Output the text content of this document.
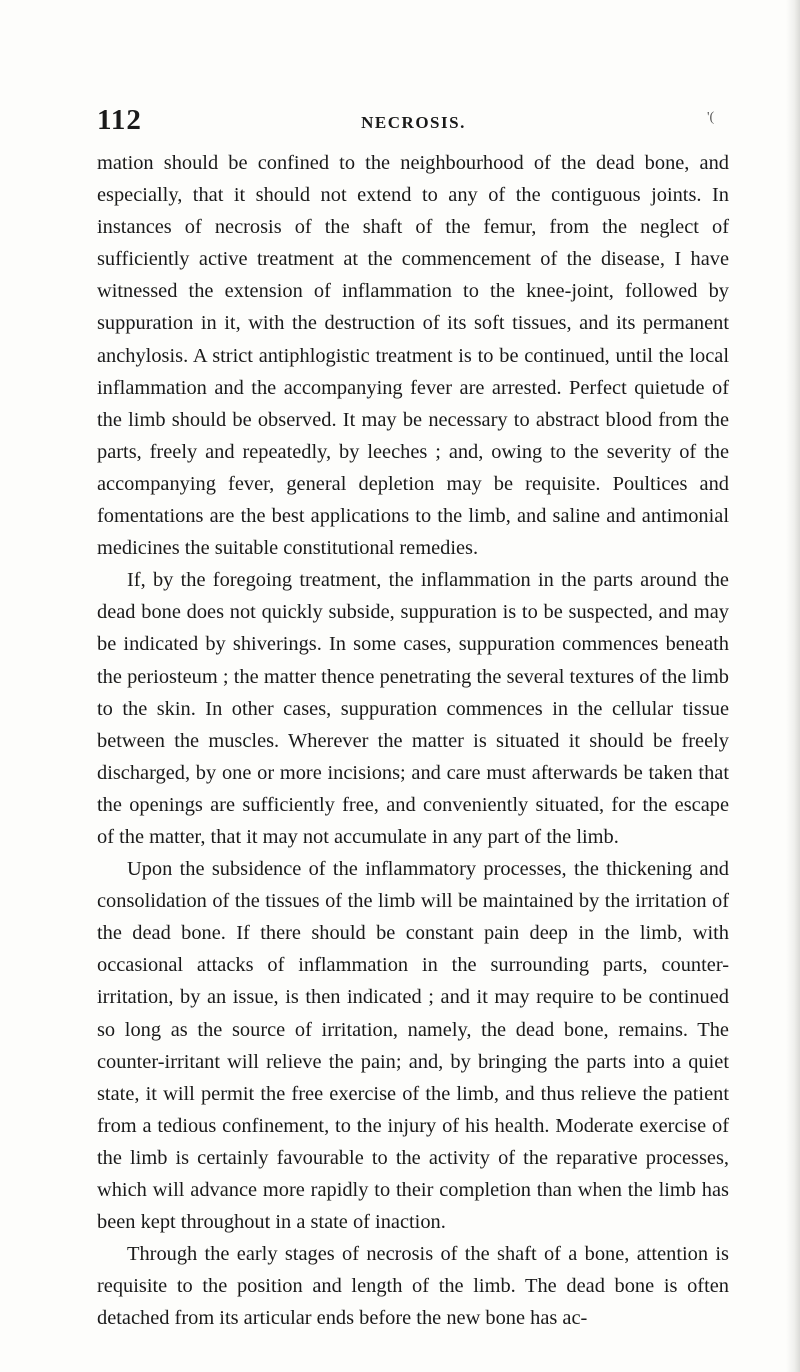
112	NECROSIS.	'(

mation should be confined to the neighbourhood of the dead bone, and especially, that it should not extend to any of the contiguous joints. In instances of necrosis of the shaft of the femur, from the neglect of sufficiently active treatment at the commencement of the disease, I have witnessed the extension of inflammation to the knee-joint, followed by suppuration in it, with the destruction of its soft tissues, and its permanent anchylosis. A strict antiphlogistic treatment is to be continued, until the local inflammation and the accompanying fever are arrested. Perfect quietude of the limb should be observed. It may be necessary to abstract blood from the parts, freely and repeatedly, by leeches ; and, owing to the severity of the accompanying fever, general depletion may be requisite. Poultices and fomentations are the best applications to the limb, and saline and antimonial medicines the suitable constitutional remedies.

If, by the foregoing treatment, the inflammation in the parts around the dead bone does not quickly subside, suppuration is to be suspected, and may be indicated by shiverings. In some cases, suppuration commences beneath the periosteum ; the matter thence penetrating the several textures of the limb to the skin. In other cases, suppuration commences in the cellular tissue between the muscles. Wherever the matter is situated it should be freely discharged, by one or more incisions; and care must afterwards be taken that the openings are sufficiently free, and conveniently situated, for the escape of the matter, that it may not accumulate in any part of the limb.

Upon the subsidence of the inflammatory processes, the thickening and consolidation of the tissues of the limb will be maintained by the irritation of the dead bone. If there should be constant pain deep in the limb, with occasional attacks of inflammation in the surrounding parts, counter-irritation, by an issue, is then indicated ; and it may require to be continued so long as the source of irritation, namely, the dead bone, remains. The counter-irritant will relieve the pain; and, by bringing the parts into a quiet state, it will permit the free exercise of the limb, and thus relieve the patient from a tedious confinement, to the injury of his health. Moderate exercise of the limb is certainly favourable to the activity of the reparative processes, which will advance more rapidly to their completion than when the limb has been kept throughout in a state of inaction.

Through the early stages of necrosis of the shaft of a bone, attention is requisite to the position and length of the limb. The dead bone is often detached from its articular ends before the new bone has ac-
